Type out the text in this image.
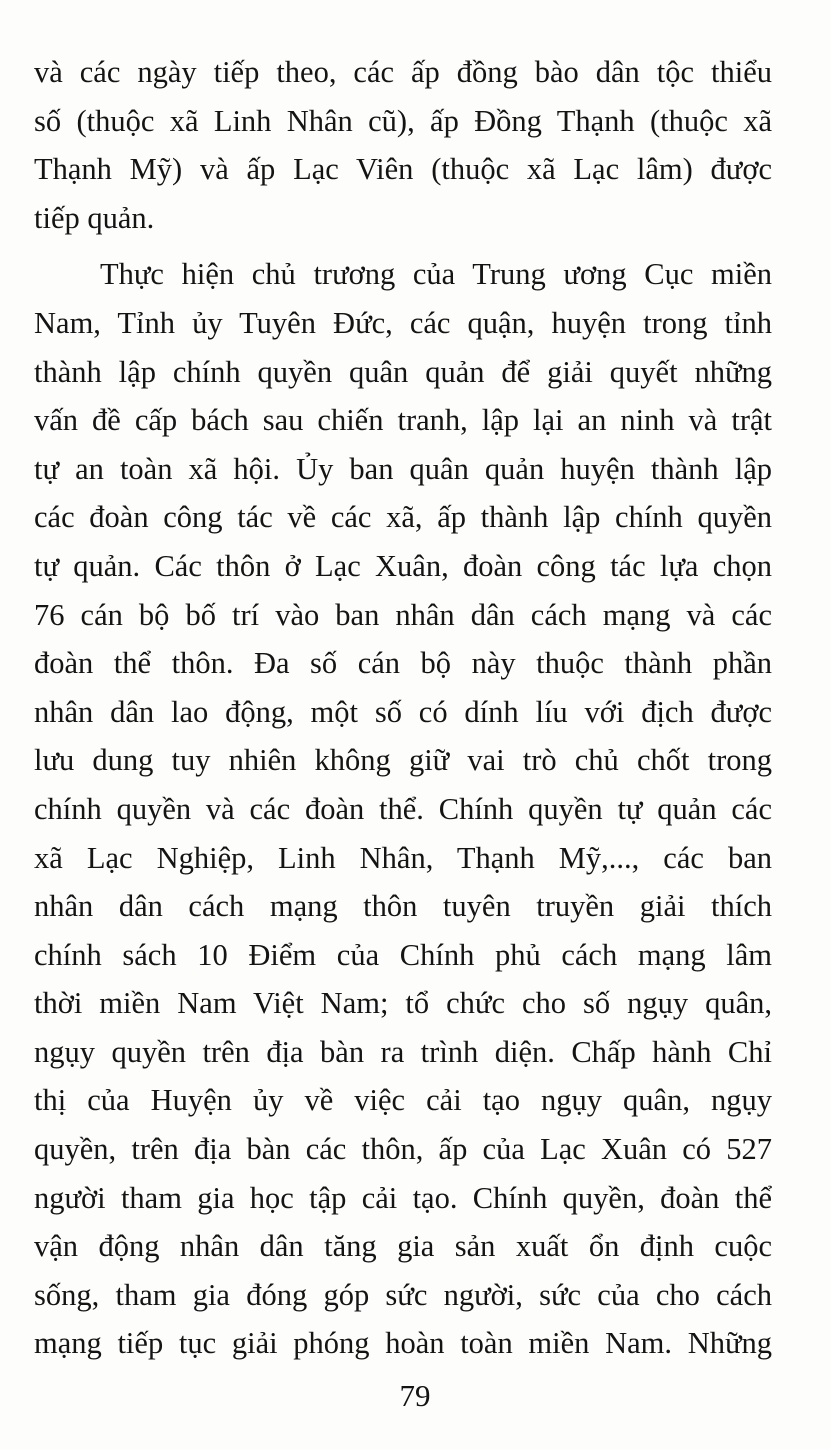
và các ngày tiếp theo, các ấp đồng bào dân tộc thiểu
số (thuộc xã Linh Nhân cũ), ấp Đồng Thạnh (thuộc xã
Thạnh Mỹ) và ấp Lạc Viên (thuộc xã Lạc lâm) được
tiếp quản.
Thực hiện chủ trương của Trung ương Cục miền
Nam, Tỉnh ủy Tuyên Đức, các quận, huyện trong tỉnh
thành lập chính quyền quân quản để giải quyết những
vấn đề cấp bách sau chiến tranh, lập lại an ninh và trật
tự an toàn xã hội. Ủy ban quân quản huyện thành lập
các đoàn công tác về các xã, ấp thành lập chính quyền
tự quản. Các thôn ở Lạc Xuân, đoàn công tác lựa chọn
76 cán bộ bố trí vào ban nhân dân cách mạng và các
đoàn thể thôn. Đa số cán bộ này thuộc thành phần
nhân dân lao động, một số có dính líu với địch được
lưu dung tuy nhiên không giữ vai trò chủ chốt trong
chính quyền và các đoàn thể. Chính quyền tự quản các
xã Lạc Nghiệp, Linh Nhân, Thạnh Mỹ,..., các ban
nhân dân cách mạng thôn tuyên truyền giải thích
chính sách 10 Điểm của Chính phủ cách mạng lâm
thời miền Nam Việt Nam; tổ chức cho số ngụy quân,
ngụy quyền trên địa bàn ra trình diện. Chấp hành Chỉ
thị của Huyện ủy về việc cải tạo ngụy quân, ngụy
quyền, trên địa bàn các thôn, ấp của Lạc Xuân có 527
người tham gia học tập cải tạo. Chính quyền, đoàn thể
vận động nhân dân tăng gia sản xuất ổn định cuộc
sống, tham gia đóng góp sức người, sức của cho cách
mạng tiếp tục giải phóng hoàn toàn miền Nam. Những
79
